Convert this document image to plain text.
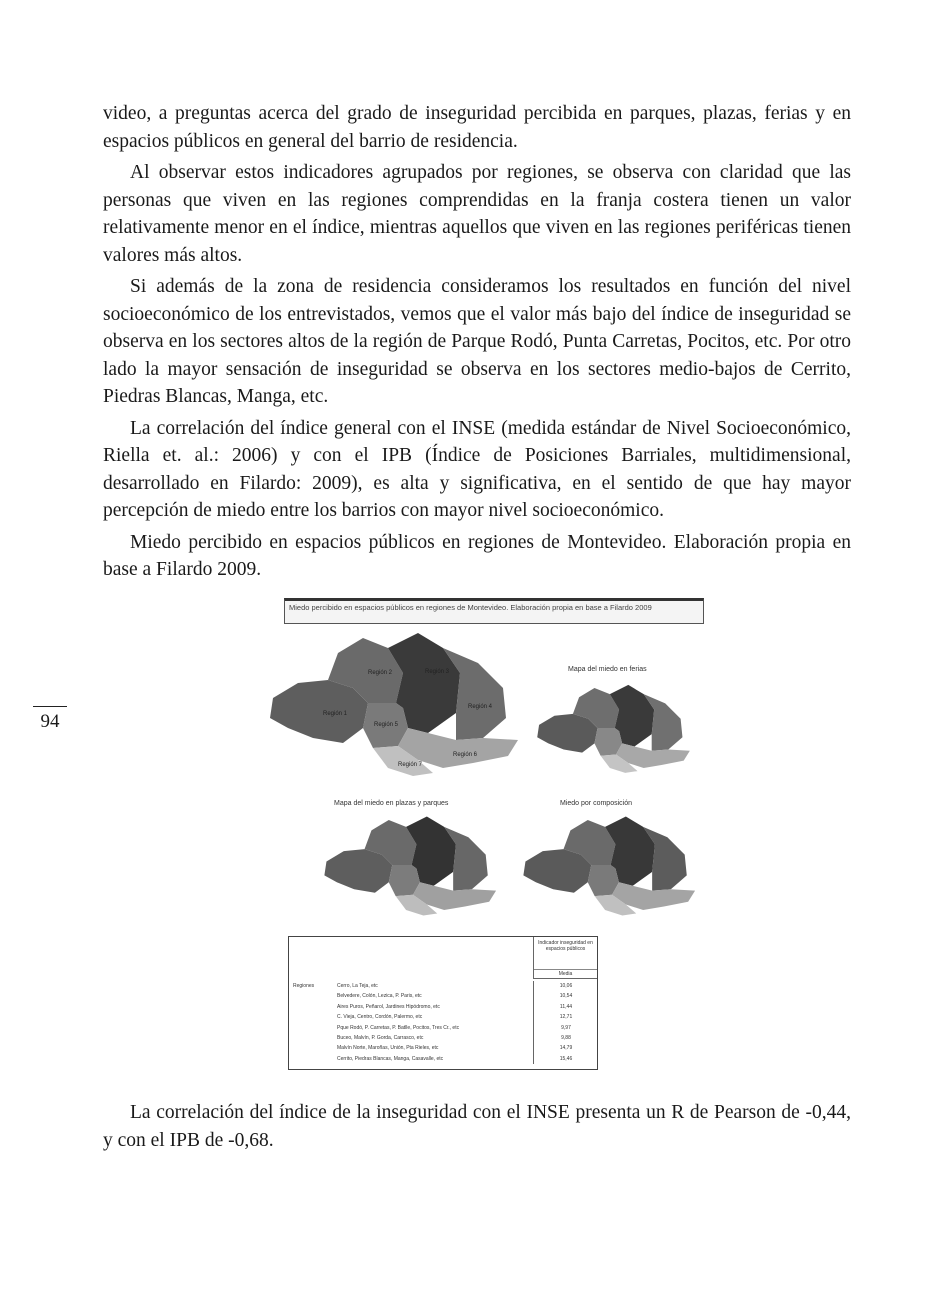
video, a preguntas acerca del grado de inseguridad percibida en parques, plazas, ferias y en espacios públicos en general del barrio de residencia.

Al observar estos indicadores agrupados por regiones, se observa con claridad que las personas que viven en las regiones comprendidas en la franja costera tienen un valor relativamente menor en el índice, mientras aquellos que viven en las regiones periféricas tienen valores más altos.

Si además de la zona de residencia consideramos los resultados en función del nivel socioeconómico de los entrevistados, vemos que el valor más bajo del índice de inseguridad se observa en los sectores altos de la región de Parque Rodó, Punta Carretas, Pocitos, etc. Por otro lado la mayor sensación de inseguridad se observa en los sectores medio-bajos de Cerrito, Piedras Blancas, Manga, etc.

La correlación del índice general con el INSE (medida estándar de Nivel Socioeconómico, Riella et. al.: 2006) y con el IPB (Índice de Posiciones Barriales, multidimensional, desarrollado en Filardo: 2009), es alta y significativa, en el sentido de que hay mayor percepción de miedo entre los barrios con mayor nivel socioeconómico.

Miedo percibido en espacios públicos en regiones de Montevideo. Elaboración propia en base a Filardo 2009.

94
Miedo percibido en espacios públicos en regiones de Montevideo. Elaboración propia en base a Filardo 2009
Región 1
Región 2	Región 3
Región 4
Región 5
Región 6
Región 7
Mapa del miedo en ferias
Mapa del miedo en plazas y parques	Miedo por composición
Indicador inseguridad en espacios públicos
Media
Regiones	Cerro, La Teja, etc	10,06
Belvedere, Colón, Lezica, P. Paris, etc	10,54
Aires Puros, Peñarol, Jardines Hipódromo, etc	11,44
C. Vieja, Centro, Cordón, Palermo, etc	12,71
Pque Rodó, P. Carretas, P. Batlle, Pocitos, Tres Cr., etc	9,97
Buceo, Malvín, P. Gorda, Carrasco, etc	9,88
Malvín Norte, Maroñas, Unión, Pta Rieles, etc	14,79
Cerrito, Piedras Blancas, Manga, Casavalle, etc	15,46

La correlación del índice de la inseguridad con el INSE presenta un R de Pearson de -0,44, y con el IPB de -0,68.
